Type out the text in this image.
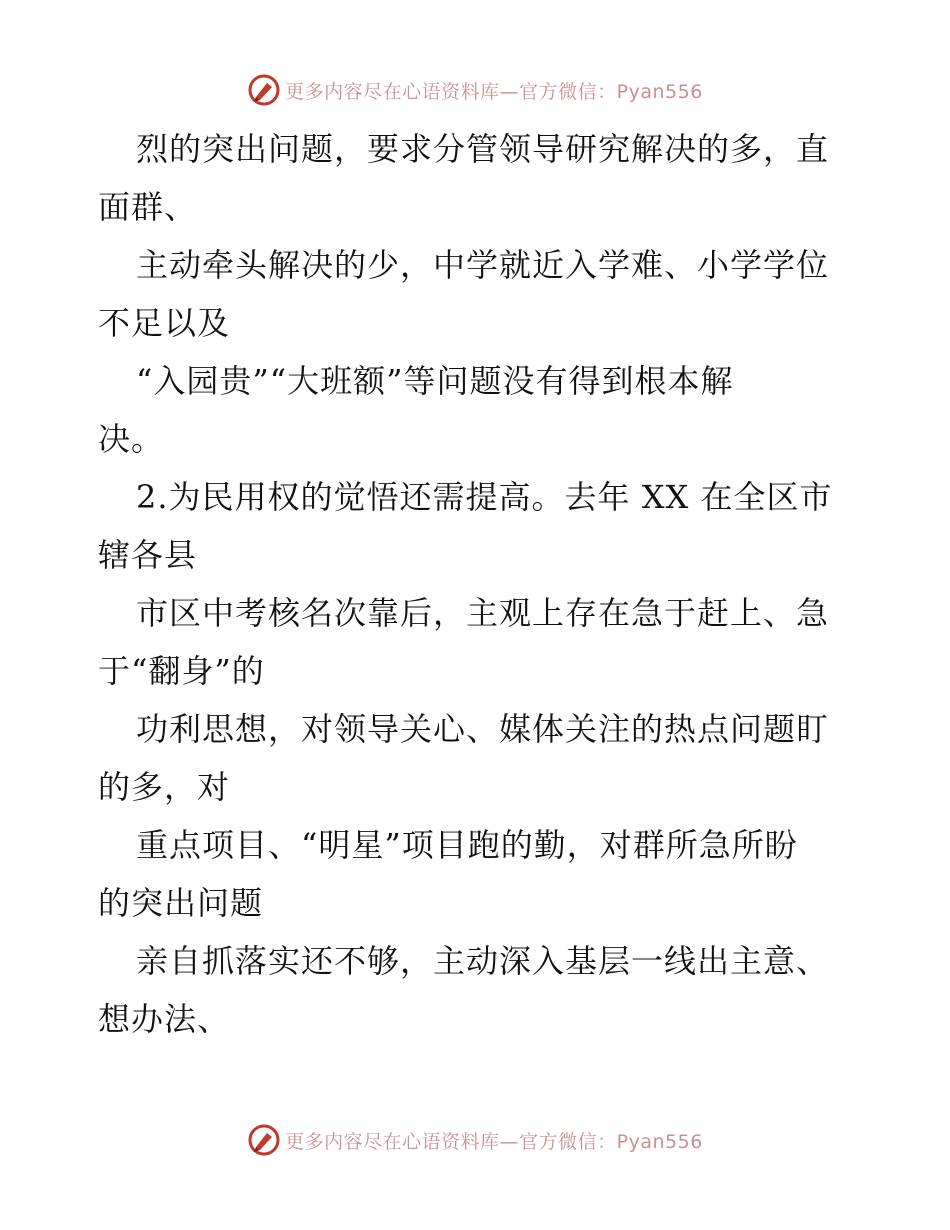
更多内容尽在心语资料库—官方微信：Pyan556
烈的突出问题，要求分管领导研究解决的多，直
面群、
主动牵头解决的少，中学就近入学难、小学学位
不足以及
“入园贵”“大班额”等问题没有得到根本解
决。
2.为民用权的觉悟还需提高。去年 XX 在全区市
辖各县
市区中考核名次靠后，主观上存在急于赶上、急
于“翻身”的
功利思想，对领导关心、媒体关注的热点问题盯
的多，对
重点项目、“明星”项目跑的勤，对群所急所盼
的突出问题
亲自抓落实还不够，主动深入基层一线出主意、
想办法、
更多内容尽在心语资料库—官方微信：Pyan556
